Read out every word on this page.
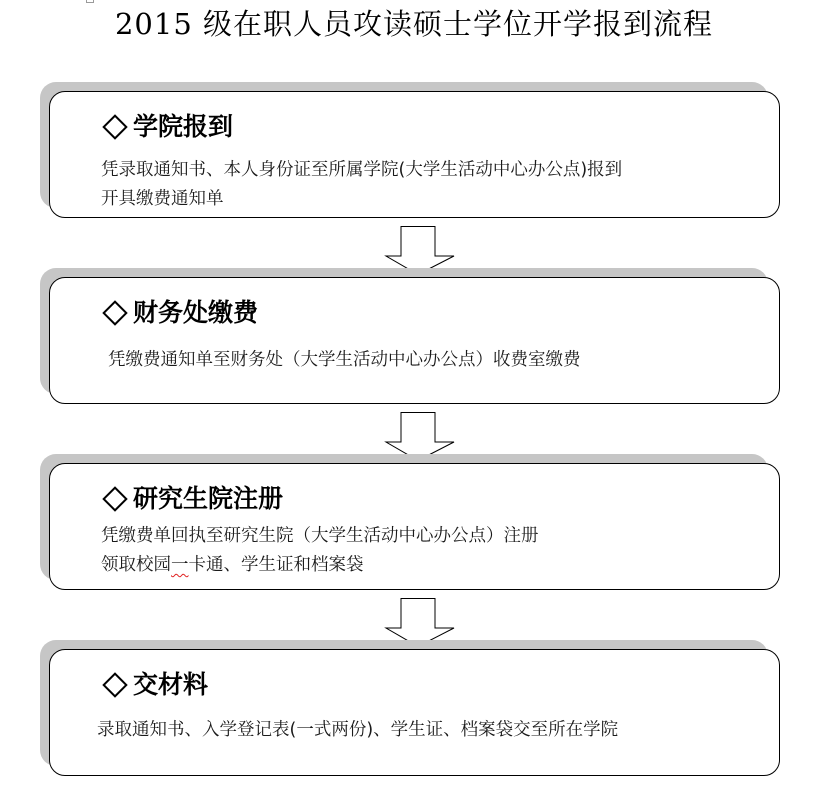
2015 级在职人员攻读硕士学位开学报到流程
学院报到
凭录取通知书、本人身份证至所属学院(大学生活动中心办公点)报到
开具缴费通知单
财务处缴费
凭缴费通知单至财务处（大学生活动中心办公点）收费室缴费
研究生院注册
凭缴费单回执至研究生院（大学生活动中心办公点）注册
领取校园一卡通、学生证和档案袋
交材料
录取通知书、入学登记表(一式两份)、学生证、档案袋交至所在学院
